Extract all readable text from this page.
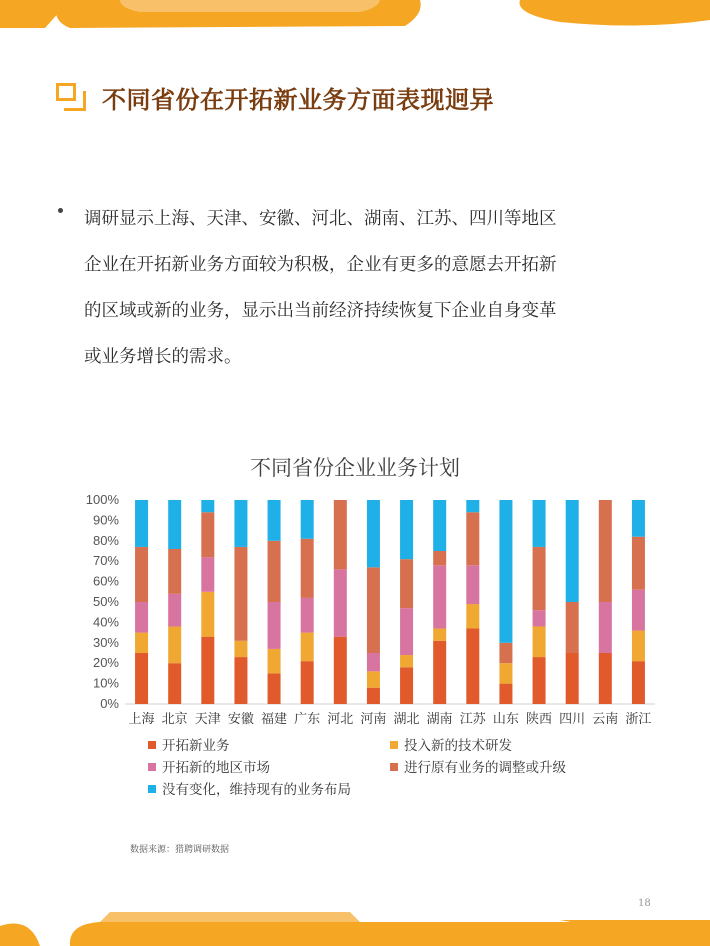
不同省份在开拓新业务方面表现迥异
调研显示上海、天津、安徽、河北、湖南、江苏、四川等地区
企业在开拓新业务方面较为积极，企业有更多的意愿去开拓新
的区域或新的业务，显示出当前经济持续恢复下企业自身变革
或业务增长的需求。
不同省份企业业务计划
0%
10%
20%
30%
40%
50%
60%
70%
80%
90%
100%
上海 北京 天津 安徽 福建 广东 河北 河南 湖北 湖南 江苏 山东 陕西 四川 云南 浙江
开拓新业务	投入新的技术研发
开拓新的地区市场	进行原有业务的调整或升级
没有变化，维持现有的业务布局
数据来源：猎聘调研数据
18
